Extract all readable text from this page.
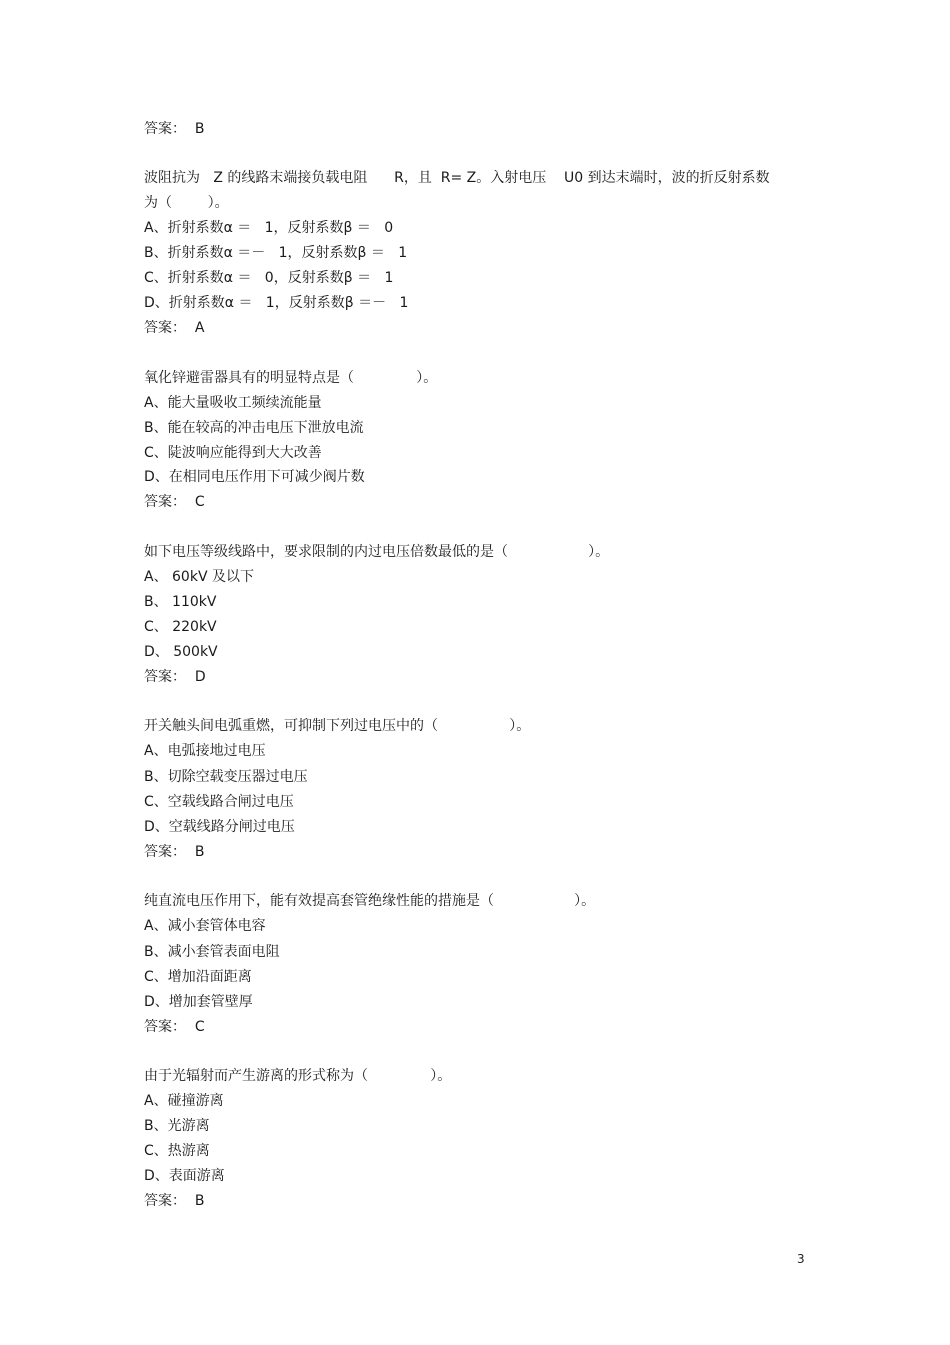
答案：  B
波阻抗为   Z 的线路末端接负载电阻      R，且  R= Z。入射电压    U0 到达末端时，波的折反射系数
为（        ）。
A、折射系数α ＝   1，反射系数β ＝   0
B、折射系数α ＝－   1，反射系数β ＝   1
C、折射系数α ＝   0，反射系数β ＝   1
D、折射系数α ＝   1，反射系数β ＝－   1
答案：  A
氧化锌避雷器具有的明显特点是（              ）。
A、能大量吸收工频续流能量
B、能在较高的冲击电压下泄放电流
C、陡波响应能得到大大改善
D、在相同电压作用下可减少阀片数
答案：  C
如下电压等级线路中，要求限制的内过电压倍数最低的是（                  ）。
A、 60kV 及以下
B、 110kV
C、 220kV
D、 500kV
答案：  D
开关触头间电弧重燃，可抑制下列过电压中的（                ）。
A、电弧接地过电压
B、切除空载变压器过电压
C、空载线路合闸过电压
D、空载线路分闸过电压
答案：  B
纯直流电压作用下，能有效提高套管绝缘性能的措施是（                  ）。
A、减小套管体电容
B、减小套管表面电阻
C、增加沿面距离
D、增加套管壁厚
答案：  C
由于光辐射而产生游离的形式称为（              ）。
A、碰撞游离
B、光游离
C、热游离
D、表面游离
答案：  B
3
